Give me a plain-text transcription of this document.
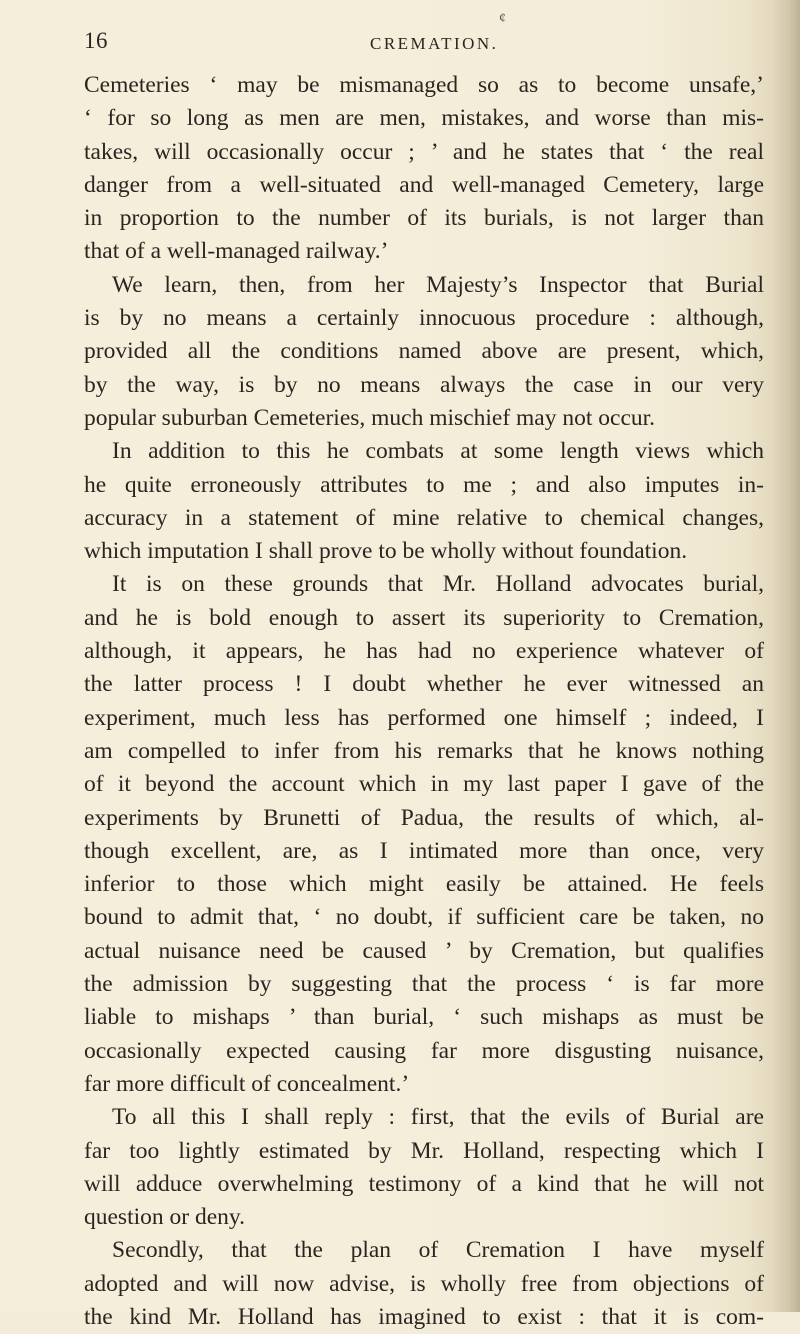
¢
16	CREMATION.
Cemeteries ‘ may be mismanaged so as to become unsafe,’
‘ for so long as men are men, mistakes, and worse than mis-
takes, will occasionally occur ; ’ and he states that ‘ the real
danger from a well-situated and well-managed Cemetery, large
in proportion to the number of its burials, is not larger than
that of a well-managed railway.’
We learn, then, from her Majesty’s Inspector that Burial
is by no means a certainly innocuous procedure : although,
provided all the conditions named above are present, which,
by the way, is by no means always the case in our very
popular suburban Cemeteries, much mischief may not occur.
In addition to this he combats at some length views which
he quite erroneously attributes to me ; and also imputes in-
accuracy in a statement of mine relative to chemical changes,
which imputation I shall prove to be wholly without foundation.
It is on these grounds that Mr. Holland advocates burial,
and he is bold enough to assert its superiority to Cremation,
although, it appears, he has had no experience whatever of
the latter process ! I doubt whether he ever witnessed an
experiment, much less has performed one himself ; indeed, I
am compelled to infer from his remarks that he knows nothing
of it beyond the account which in my last paper I gave of the
experiments by Brunetti of Padua, the results of which, al-
though excellent, are, as I intimated more than once, very
inferior to those which might easily be attained. He feels
bound to admit that, ‘ no doubt, if sufficient care be taken, no
actual nuisance need be caused ’ by Cremation, but qualifies
the admission by suggesting that the process ‘ is far more
liable to mishaps ’ than burial, ‘ such mishaps as must be
occasionally expected causing far more disgusting nuisance,
far more difficult of concealment.’
To all this I shall reply : first, that the evils of Burial are
far too lightly estimated by Mr. Holland, respecting which I
will adduce overwhelming testimony of a kind that he will not
question or deny.
Secondly, that the plan of Cremation I have myself
adopted and will now advise, is wholly free from objections of
the kind Mr. Holland has imagined to exist : that it is com-
